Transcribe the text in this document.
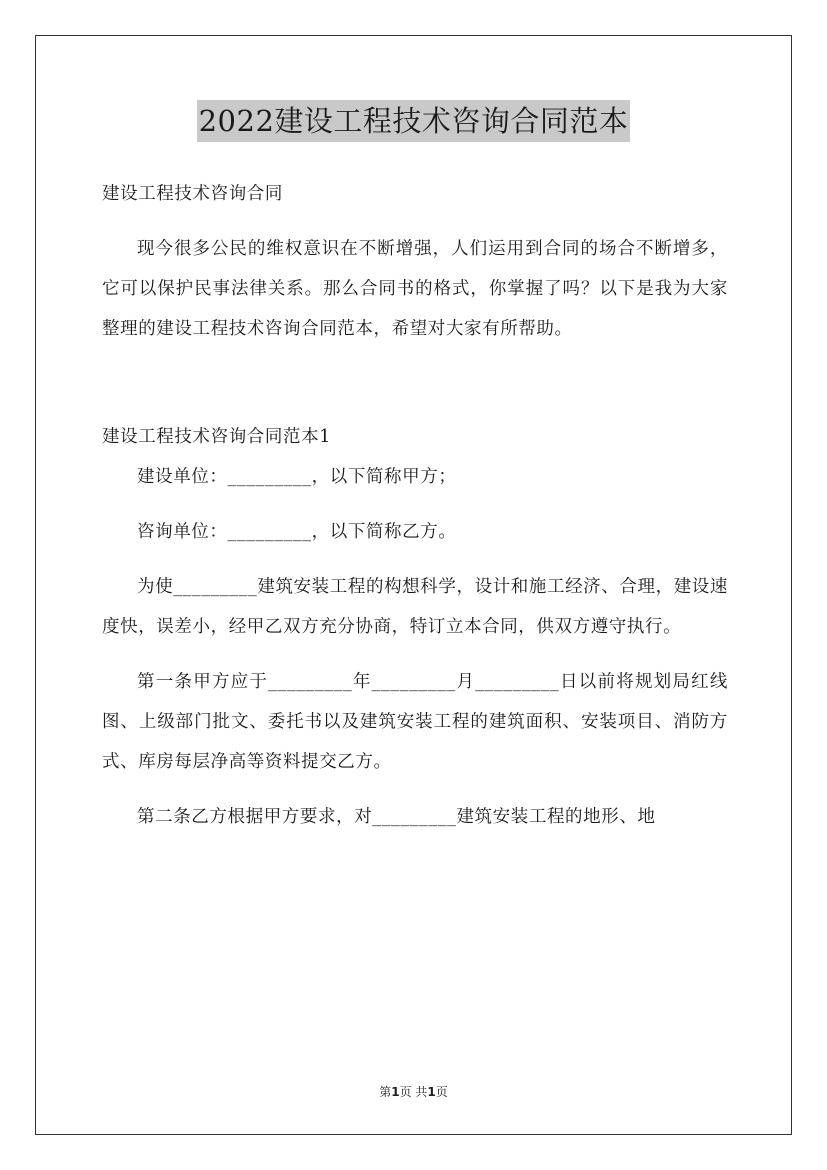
2022建设工程技术咨询合同范本

建设工程技术咨询合同

现今很多公民的维权意识在不断增强，人们运用到合同的场合不断增多，它可以保护民事法律关系。那么合同书的格式，你掌握了吗？以下是我为大家整理的建设工程技术咨询合同范本，希望对大家有所帮助。

建设工程技术咨询合同范本1

建设单位：_________，以下简称甲方；

咨询单位：_________，以下简称乙方。

为使_________建筑安装工程的构想科学，设计和施工经济、合理，建设速度快，误差小，经甲乙双方充分协商，特订立本合同，供双方遵守执行。

第一条甲方应于_________年_________月_________日以前将规划局红线图、上级部门批文、委托书以及建筑安装工程的建筑面积、安装项目、消防方式、库房每层净高等资料提交乙方。

第二条乙方根据甲方要求，对_________建筑安装工程的地形、地

第1页 共1页
